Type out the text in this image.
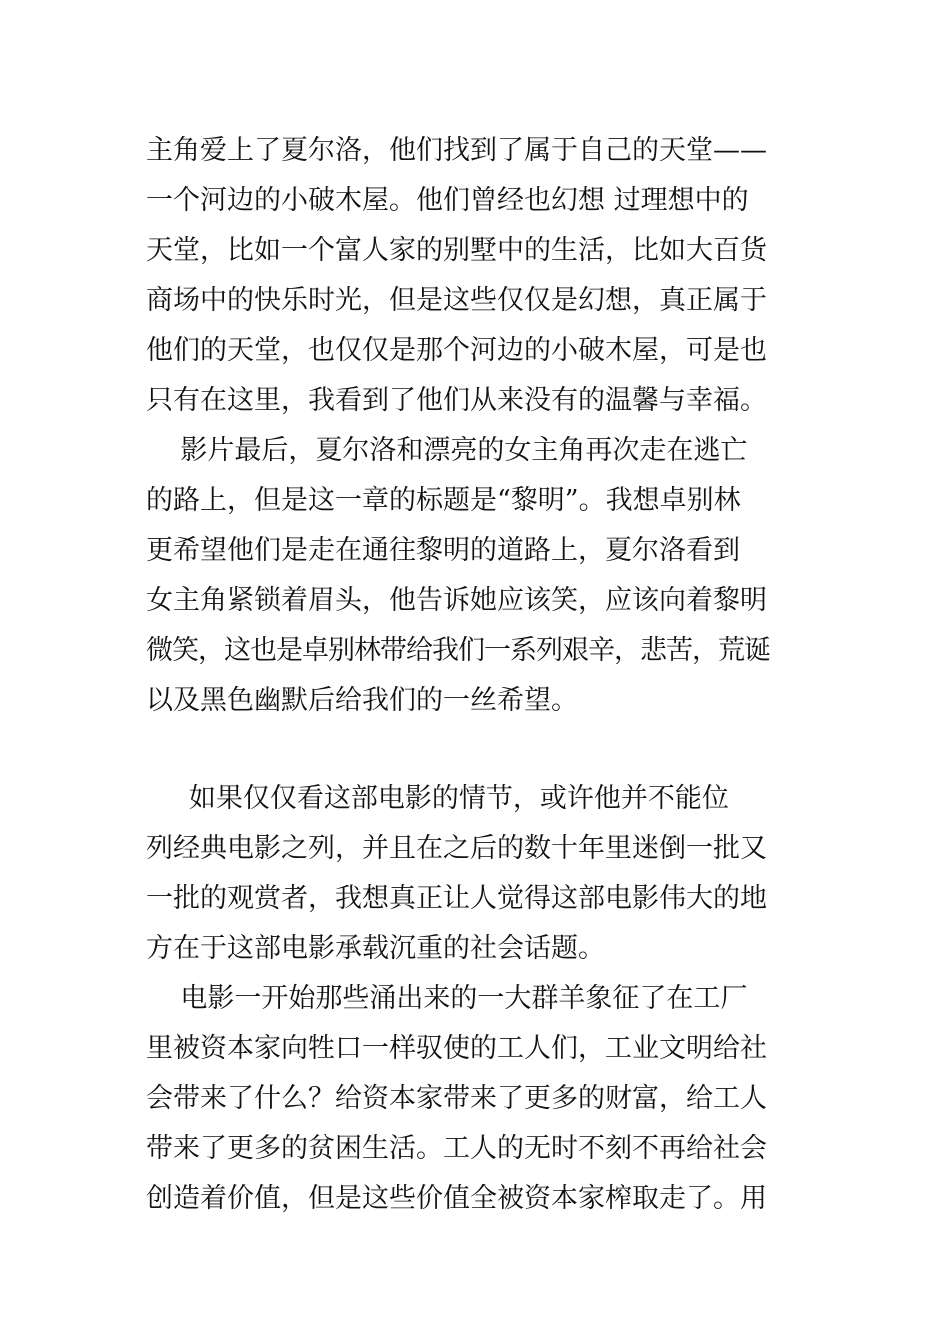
主角爱上了夏尔洛，他们找到了属于自己的天堂——
一个河边的小破木屋。他们曾经也幻想 过理想中的
天堂，比如一个富人家的别墅中的生活，比如大百货
商场中的快乐时光，但是这些仅仅是幻想，真正属于
他们的天堂，也仅仅是那个河边的小破木屋，可是也
只有在这里，我看到了他们从来没有的温馨与幸福。
影片最后，夏尔洛和漂亮的女主角再次走在逃亡
的路上，但是这一章的标题是“黎明”。我想卓别林
更希望他们是走在通往黎明的道路上，夏尔洛看到
女主角紧锁着眉头，他告诉她应该笑，应该向着黎明
微笑，这也是卓别林带给我们一系列艰辛，悲苦，荒诞
以及黑色幽默后给我们的一丝希望。
如果仅仅看这部电影的情节，或许他并不能位
列经典电影之列，并且在之后的数十年里迷倒一批又
一批的观赏者，我想真正让人觉得这部电影伟大的地
方在于这部电影承载沉重的社会话题。
电影一开始那些涌出来的一大群羊象征了在工厂
里被资本家向牲口一样驭使的工人们，工业文明给社
会带来了什么？给资本家带来了更多的财富，给工人
带来了更多的贫困生活。工人的无时不刻不再给社会
创造着价值，但是这些价值全被资本家榨取走了。用
